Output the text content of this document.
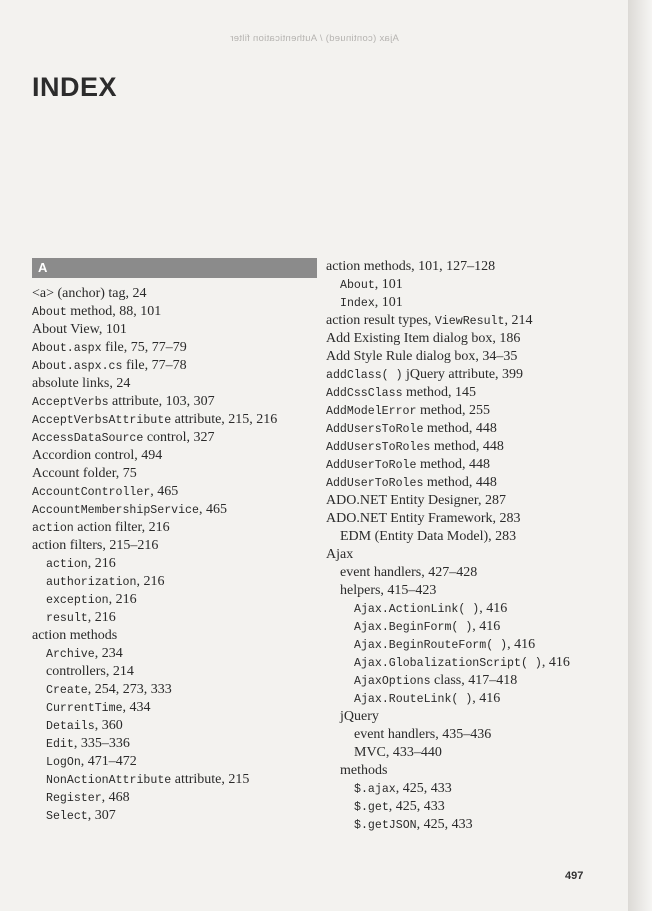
Ajax (continued) / Authentication filter
INDEX
A
<a> (anchor) tag, 24
About method, 88, 101
About View, 101
About.aspx file, 75, 77–79
About.aspx.cs file, 77–78
absolute links, 24
AcceptVerbs attribute, 103, 307
AcceptVerbsAttribute attribute, 215, 216
AccessDataSource control, 327
Accordion control, 494
Account folder, 75
AccountController, 465
AccountMembershipService, 465
action action filter, 216
action filters, 215–216
action, 216
authorization, 216
exception, 216
result, 216
action methods
Archive, 234
controllers, 214
Create, 254, 273, 333
CurrentTime, 434
Details, 360
Edit, 335–336
LogOn, 471–472
NonActionAttribute attribute, 215
Register, 468
Select, 307
action methods, 101, 127–128
About, 101
Index, 101
action result types, ViewResult, 214
Add Existing Item dialog box, 186
Add Style Rule dialog box, 34–35
addClass( ) jQuery attribute, 399
AddCssClass method, 145
AddModelError method, 255
AddUsersToRole method, 448
AddUsersToRoles method, 448
AddUserToRole method, 448
AddUserToRoles method, 448
ADO.NET Entity Designer, 287
ADO.NET Entity Framework, 283
EDM (Entity Data Model), 283
Ajax
event handlers, 427–428
helpers, 415–423
Ajax.ActionLink( ), 416
Ajax.BeginForm( ), 416
Ajax.BeginRouteForm( ), 416
Ajax.GlobalizationScript( ), 416
AjaxOptions class, 417–418
Ajax.RouteLink( ), 416
jQuery
event handlers, 435–436
MVC, 433–440
methods
$.ajax, 425, 433
$.get, 425, 433
$.getJSON, 425, 433
497
